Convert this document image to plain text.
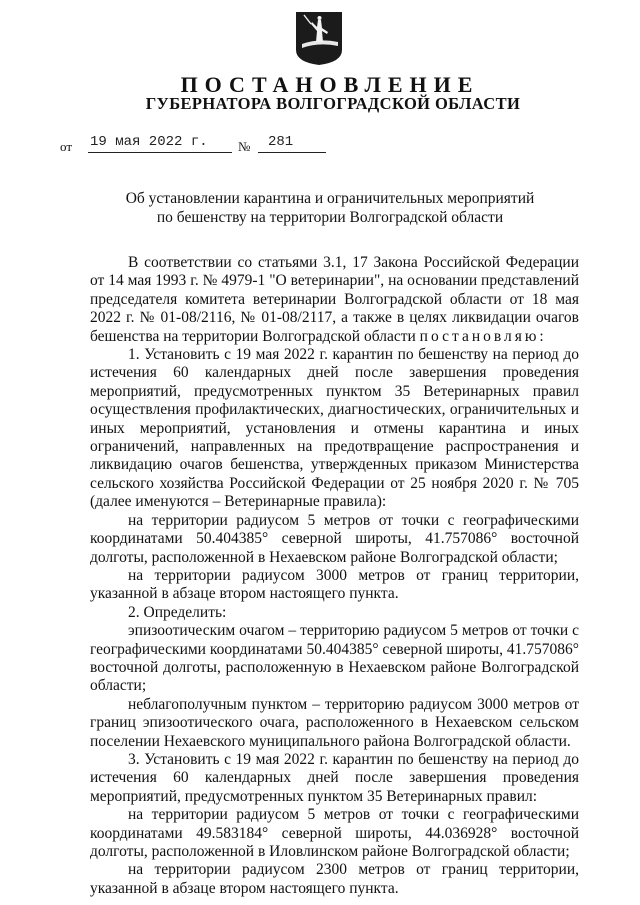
ПОСТАНОВЛЕНИЕ
ГУБЕРНАТОРА ВОЛГОГРАДСКОЙ ОБЛАСТИ
от 19 мая 2022 г.	№	281
Об установлении карантина и ограничительных мероприятий
по бешенству на территории Волгоградской области

В соответствии со статьями 3.1, 17 Закона Российской Федерации от 14 мая 1993 г. № 4979-1 "О ветеринарии", на основании представлений председателя комитета ветеринарии Волгоградской области от 18 мая 2022 г. № 01-08/2116, № 01-08/2117, а также в целях ликвидации очагов бешенства на территории Волгоградской области постановляю:

1. Установить с 19 мая 2022 г. карантин по бешенству на период до истечения 60 календарных дней после завершения проведения мероприятий, предусмотренных пунктом 35 Ветеринарных правил осуществления профилактических, диагностических, ограничительных и иных мероприятий, установления и отмены карантина и иных ограничений, направленных на предотвращение распространения и ликвидацию очагов бешенства, утвержденных приказом Министерства сельского хозяйства Российской Федерации от 25 ноября 2020 г. № 705 (далее именуются – Ветеринарные правила):

на территории радиусом 5 метров от точки с географическими координатами 50.404385° северной широты, 41.757086° восточной долготы, расположенной в Нехаевском районе Волгоградской области;

на территории радиусом 3000 метров от границ территории, указанной в абзаце втором настоящего пункта.

2. Определить:

эпизоотическим очагом – территорию радиусом 5 метров от точки с географическими координатами 50.404385° северной широты, 41.757086° восточной долготы, расположенную в Нехаевском районе Волгоградской области;

неблагополучным пунктом – территорию радиусом 3000 метров от границ эпизоотического очага, расположенного в Нехаевском сельском поселении Нехаевского муниципального района Волгоградской области.

3. Установить с 19 мая 2022 г. карантин по бешенству на период до истечения 60 календарных дней после завершения проведения мероприятий, предусмотренных пунктом 35 Ветеринарных правил:

на территории радиусом 5 метров от точки с географическими координатами 49.583184° северной широты, 44.036928° восточной долготы, расположенной в Иловлинском районе Волгоградской области;

на территории радиусом 2300 метров от границ территории, указанной в абзаце втором настоящего пункта.
